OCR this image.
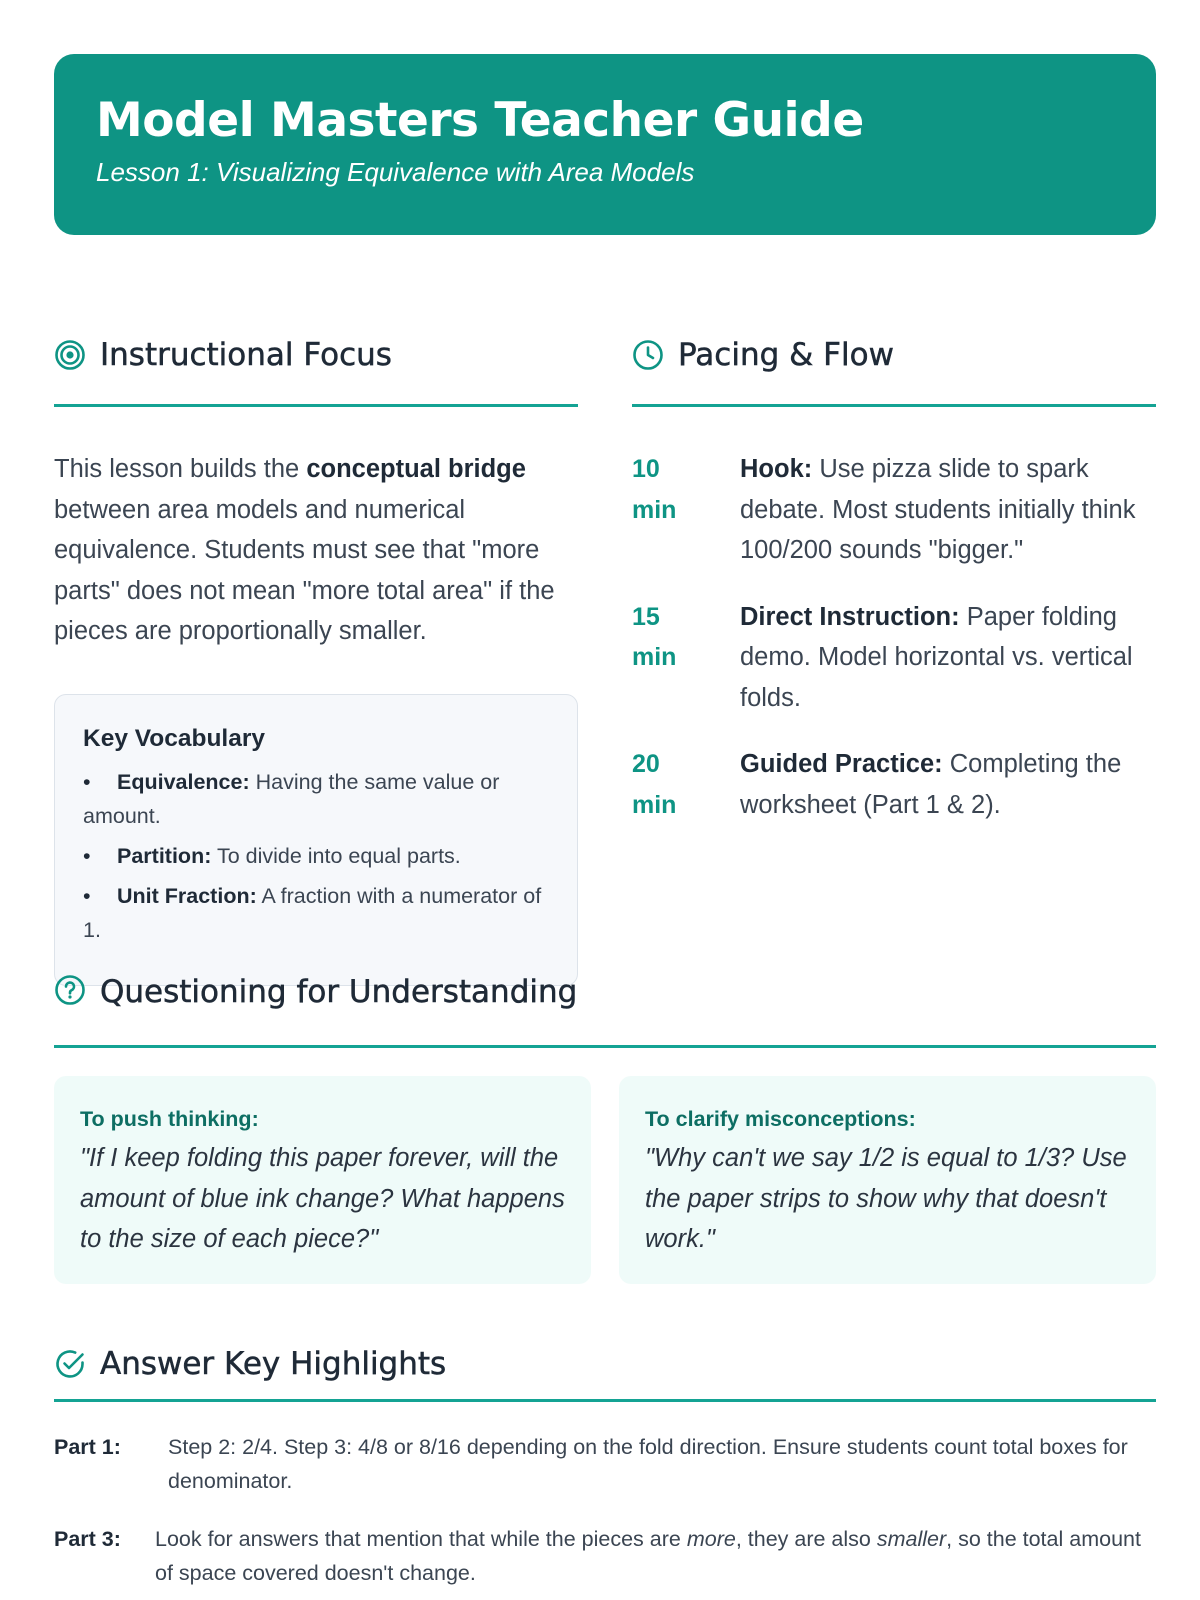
Model Masters Teacher Guide
Lesson 1: Visualizing Equivalence with Area Models
Instructional Focus
This lesson builds the conceptual bridge between area models and numerical equivalence. Students must see that "more parts" does not mean "more total area" if the pieces are proportionally smaller.
Key Vocabulary
• Equivalence: Having the same value or amount.
• Partition: To divide into equal parts.
• Unit Fraction: A fraction with a numerator of 1.
Pacing & Flow
10
min
Hook: Use pizza slide to spark debate. Most students initially think 100/200 sounds "bigger."
15
min
Direct Instruction: Paper folding demo. Model horizontal vs. vertical folds.
20
min
Guided Practice: Completing the worksheet (Part 1 & 2).
Questioning for Understanding
To push thinking:
"If I keep folding this paper forever, will the amount of blue ink change? What happens to the size of each piece?"
To clarify misconceptions:
"Why can't we say 1/2 is equal to 1/3? Use the paper strips to show why that doesn't work."
Answer Key Highlights
Part 1:	Step 2: 2/4. Step 3: 4/8 or 8/16 depending on the fold direction. Ensure students count total boxes for denominator.
Part 3:	Look for answers that mention that while the pieces are more, they are also smaller, so the total amount of space covered doesn't change.
